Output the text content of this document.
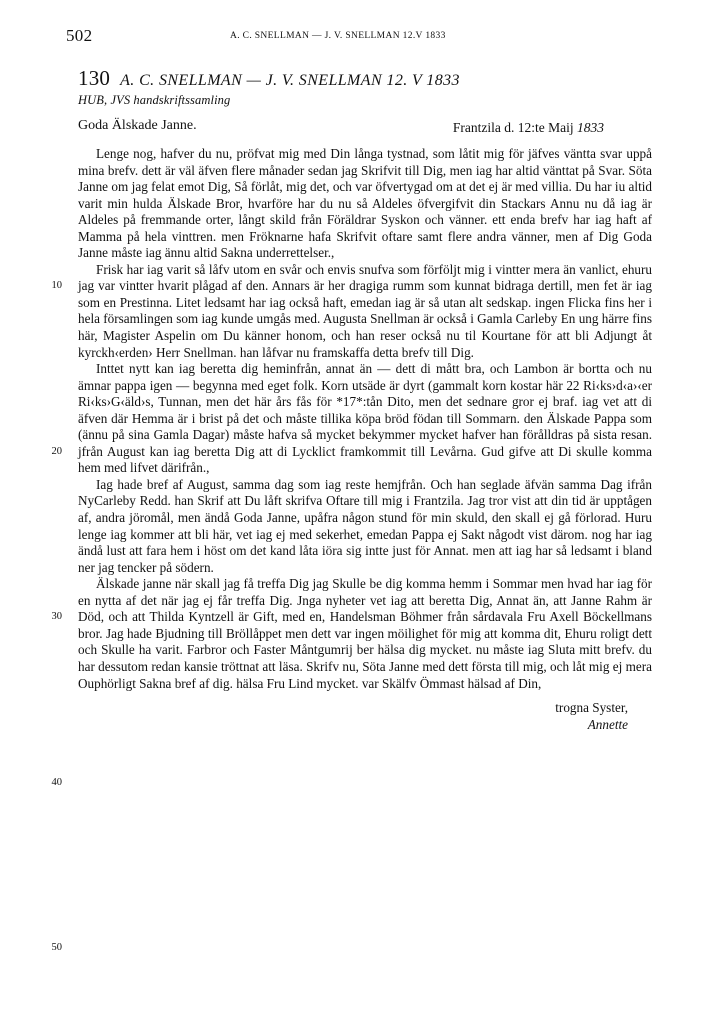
502	A. C. SNELLMAN — J. V. SNELLMAN 12.V 1833
130 A. C. SNELLMAN — J. V. SNELLMAN 12. V 1833
HUB, JVS handskriftssamling
Frantzila d. 12:te Maij 1833
Goda Älskade Janne.
10
20
30
40
50

Lenge nog, hafver du nu, pröfvat mig med Din långa tystnad, som låtit mig för jäfves väntta svar uppå mina brefv. dett är väl äfven flere månader sedan jag Skrifvit till Dig, men iag har altid vänttat på Svar. Söta Janne om jag felat emot Dig, Så förlåt, mig det, och var öfvertygad om at det ej är med villia. Du har iu altid varit min hulda Älskade Bror, hvarföre har du nu så Aldeles öfvergifvit din Stackars Annu nu då iag är Aldeles på fremmande orter, långt skild från Föräldrar Syskon och vänner. ett enda brefv har iag haft af Mamma på hela vinttren. men Fröknarne hafa Skrifvit oftare samt flere andra vänner, men af Dig Goda Janne måste iag ännu altid Sakna underrettelser.,

Frisk har iag varit så låfv utom en svår och envis snufva som förföljt mig i vintter mera än vanlict, ehuru jag var vintter hvarit plågad af den. Annars är her dragiga rumm som kunnat bidraga dertill, men fet är iag som en Prestinna. Litet ledsamt har iag också haft, emedan iag är så utan alt sedskap. ingen Flicka fins her i hela församlingen som iag kunde umgås med. Augusta Snellman är också i Gamla Carleby En ung härre fins här, Magister Aspelin om Du känner honom, och han reser också nu til Kourtane för att bli Adjungt åt kyrckh‹erden› Herr Snellman. han låfvar nu framskaffa detta brefv till Dig.

Inttet nytt kan iag beretta dig heminfrån, annat än — dett di mått bra, och Lambon är bortta och nu ämnar pappa igen — begynna med eget folk. Korn utsäde är dyrt (gammalt korn kostar här 22 Ri‹ks›d‹a›‹er Ri‹ks›G‹äld›s, Tunnan, men det här års fås för *17*:tån Dito, men det sednare gror ej braf. iag vet att di äfven där Hemma är i brist på det och måste tillika köpa bröd födan till Sommarn. den Älskade Pappa som (ännu på sina Gamla Dagar) måste hafva så mycket bekymmer mycket hafver han förålldras på sista resan. jfrån August kan iag beretta Dig att di Lycklict framkommit till Levårna. Gud gifve att Di skulle komma hem med lifvet därifrån.,

Iag hade bref af August, samma dag som iag reste hemjfrån. Och han seglade äfvän samma Dag ifrån NyCarleby Redd. han Skrif att Du låft skrifva Oftare till mig i Frantzila. Jag tror vist att din tid är upptågen af, andra jöromål, men ändå Goda Janne, upåfra någon stund för min skuld, den skall ej gå förlorad. Huru lenge iag kommer att bli här, vet iag ej med sekerhet, emedan Pappa ej Sakt någodt vist därom. nog har iag ändå lust att fara hem i höst om det kand låta iöra sig intte just för Annat. men att iag har så ledsamt i bland ner jag tencker på södern.

Älskade janne när skall jag få treffa Dig jag Skulle be dig komma hemm i Sommar men hvad har iag för en nytta af det när jag ej får treffa Dig. Jnga nyheter vet iag att beretta Dig, Annat än, att Janne Rahm är Död, och att Thilda Kyntzell är Gift, med en, Handelsman Böhmer från sårdavala Fru Axell Böckellmans bror. Jag hade Bjudning till Bröllåppet men dett var ingen möilighet för mig att komma dit, Ehuru roligt dett och Skulle ha varit. Farbror och Faster Måntgumrij ber hälsa dig mycket. nu måste iag Sluta mitt brefv. du har dessutom redan kansie tröttnat att läsa. Skrifv nu, Söta Janne med dett första till mig, och låt mig ej mera Ouphörligt Sakna bref af dig. hälsa Fru Lind mycket. var Skälfv Ömmast hälsad af Din,

trogna Syster,
Annette
